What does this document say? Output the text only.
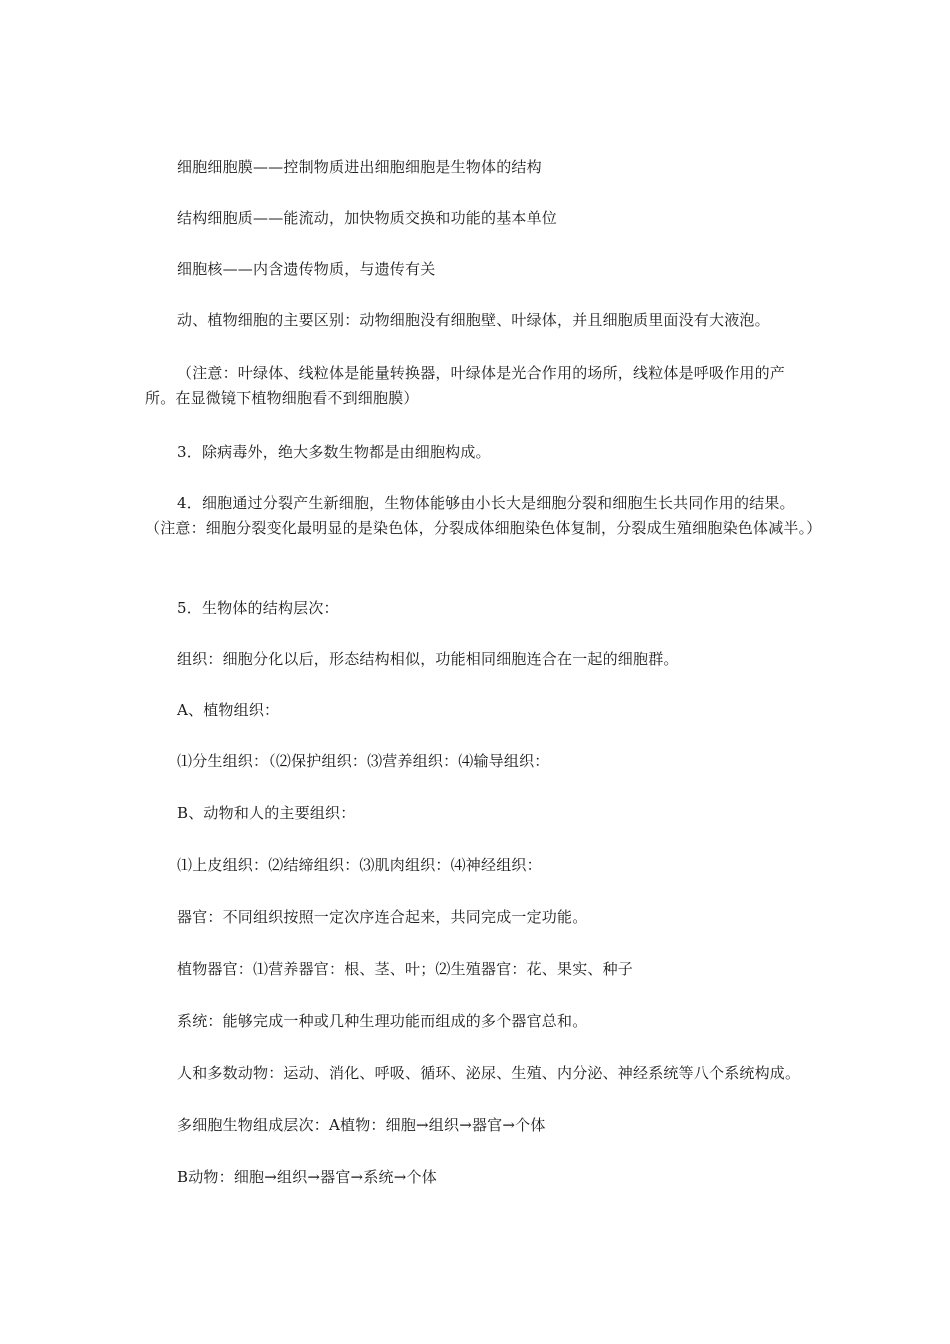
细胞细胞膜——控制物质进出细胞细胞是生物体的结构

结构细胞质——能流动，加快物质交换和功能的基本单位

细胞核——内含遗传物质，与遗传有关

动、植物细胞的主要区别：动物细胞没有细胞壁、叶绿体，并且细胞质里面没有大液泡。

（注意：叶绿体、线粒体是能量转换器，叶绿体是光合作用的场所，线粒体是呼吸作用的产所。在显微镜下植物细胞看不到细胞膜）

3．除病毒外，绝大多数生物都是由细胞构成。

4．细胞通过分裂产生新细胞，生物体能够由小长大是细胞分裂和细胞生长共同作用的结果。（注意：细胞分裂变化最明显的是染色体，分裂成体细胞染色体复制，分裂成生殖细胞染色体减半。）

5．生物体的结构层次：

组织：细胞分化以后，形态结构相似，功能相同细胞连合在一起的细胞群。

A、植物组织：

⑴分生组织：（⑵保护组织：⑶营养组织：⑷输导组织：

B、动物和人的主要组织：

⑴上皮组织：⑵结缔组织：⑶肌肉组织：⑷神经组织：

器官：不同组织按照一定次序连合起来，共同完成一定功能。

植物器官：⑴营养器官：根、茎、叶；⑵生殖器官：花、果实、种子

系统：能够完成一种或几种生理功能而组成的多个器官总和。

人和多数动物：运动、消化、呼吸、循环、泌尿、生殖、内分泌、神经系统等八个系统构成。

多细胞生物组成层次：A植物：细胞→组织→器官→个体

B动物：细胞→组织→器官→系统→个体
